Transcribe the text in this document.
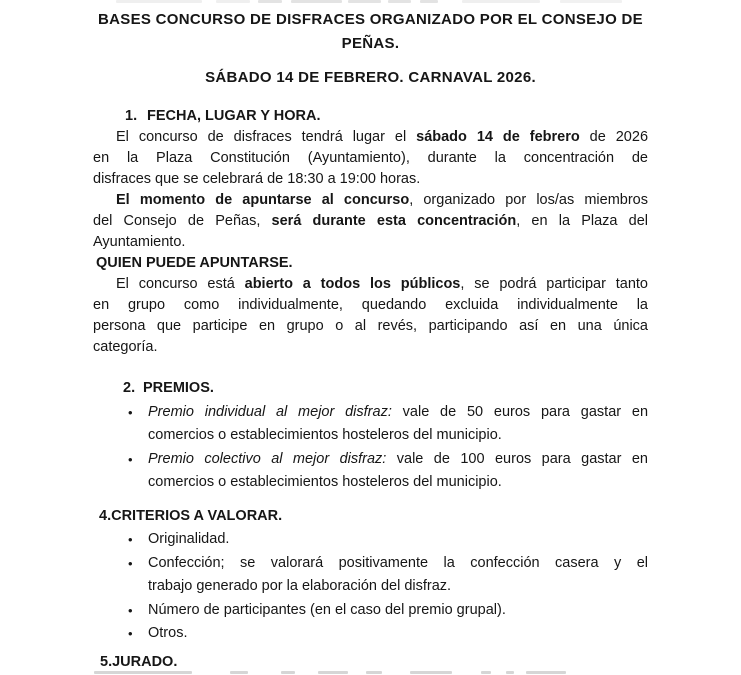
BASES CONCURSO DE DISFRACES ORGANIZADO POR EL CONSEJO DE
PEÑAS.
SÁBADO 14 DE FEBRERO. CARNAVAL 2026.
1. FECHA, LUGAR Y HORA.
El concurso de disfraces tendrá lugar el sábado 14 de febrero de 2026
en la Plaza Constitución (Ayuntamiento), durante la concentración de
disfraces que se celebrará de 18:30 a 19:00 horas.
El momento de apuntarse al concurso, organizado por los/as miembros
del Consejo de Peñas, será durante esta concentración, en la Plaza del
Ayuntamiento.
QUIEN PUEDE APUNTARSE.
El concurso está abierto a todos los públicos, se podrá participar tanto
en grupo como individualmente, quedando excluida individualmente la
persona que participe en grupo o al revés, participando así en una única
categoría.
2. PREMIOS.
• Premio individual al mejor disfraz: vale de 50 euros para gastar en
comercios o establecimientos hosteleros del municipio.
• Premio colectivo al mejor disfraz: vale de 100 euros para gastar en
comercios o establecimientos hosteleros del municipio.
4.CRITERIOS A VALORAR.
• Originalidad.
• Confección; se valorará positivamente la confección casera y el
trabajo generado por la elaboración del disfraz.
• Número de participantes (en el caso del premio grupal).
• Otros.
5.JURADO.
